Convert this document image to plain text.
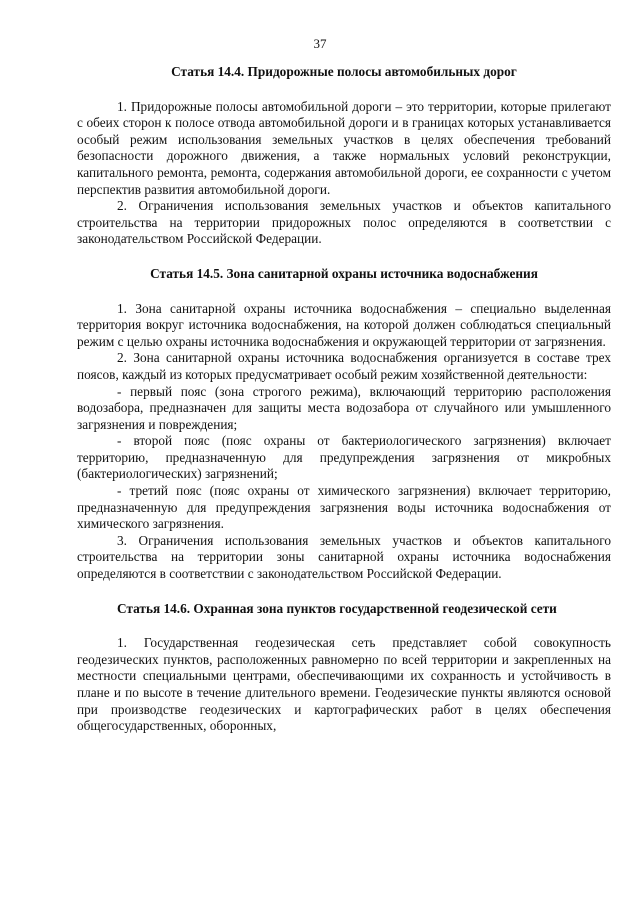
37
Статья 14.4. Придорожные полосы автомобильных дорог

1. Придорожные полосы автомобильной дороги – это территории, которые прилегают с обеих сторон к полосе отвода автомобильной дороги и в границах которых устанавливается особый режим использования земельных участков в целях обеспечения требований безопасности дорожного движения, а также нормальных условий реконструкции, капитального ремонта, ремонта, содержания автомобильной дороги, ее сохранности с учетом перспектив развития автомобильной дороги.

2. Ограничения использования земельных участков и объектов капитального строительства на территории придорожных полос определяются в соответствии с законодательством Российской Федерации.

Статья 14.5. Зона санитарной охраны источника водоснабжения

1. Зона санитарной охраны источника водоснабжения – специально выделенная территория вокруг источника водоснабжения, на которой должен соблюдаться специальный режим с целью охраны источника водоснабжения и окружающей территории от загрязнения.

2. Зона санитарной охраны источника водоснабжения организуется в составе трех поясов, каждый из которых предусматривает особый режим хозяйственной деятельности:

- первый пояс (зона строгого режима), включающий территорию расположения водозабора, предназначен для защиты места водозабора от случайного или умышленного загрязнения и повреждения;

- второй пояс (пояс охраны от бактериологического загрязнения) включает территорию, предназначенную для предупреждения загрязнения от микробных (бактериологических) загрязнений;

- третий пояс (пояс охраны от химического загрязнения) включает территорию, предназначенную для предупреждения загрязнения воды источника водоснабжения от химического загрязнения.

3. Ограничения использования земельных участков и объектов капитального строительства на территории зоны санитарной охраны источника водоснабжения определяются в соответствии с законодательством Российской Федерации.

Статья 14.6. Охранная зона пунктов государственной геодезической сети

1. Государственная геодезическая сеть представляет собой совокупность геодезических пунктов, расположенных равномерно по всей территории и закрепленных на местности специальными центрами, обеспечивающими их сохранность и устойчивость в плане и по высоте в течение длительного времени. Геодезические пункты являются основой при производстве геодезических и картографических работ в целях обеспечения общегосударственных, оборонных,
